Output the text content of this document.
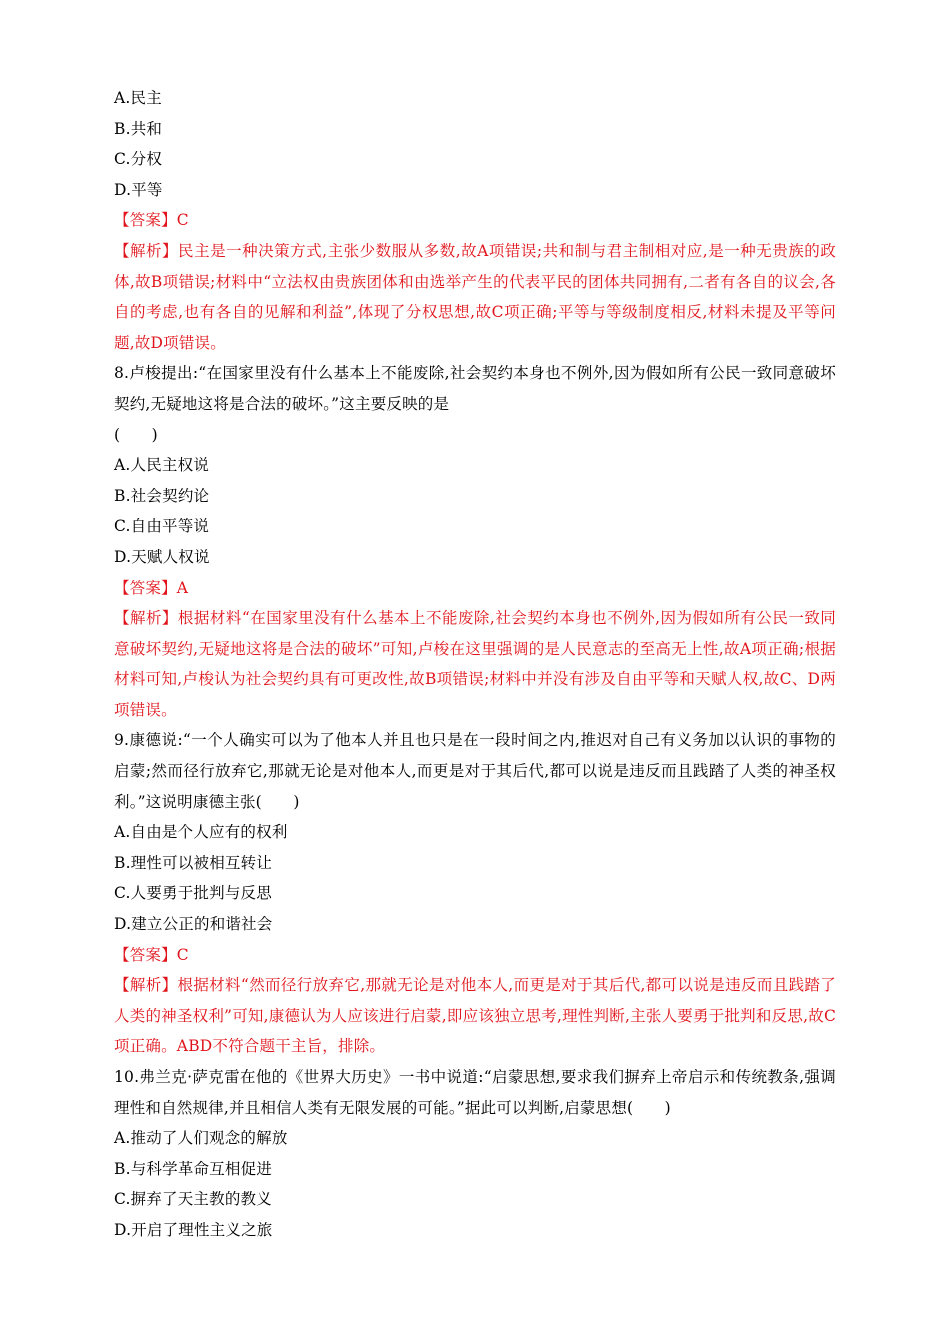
A.民主
B.共和
C.分权
D.平等
【答案】C
【解析】民主是一种决策方式,主张少数服从多数,故A项错误;共和制与君主制相对应,是一种无贵族的政体,故B项错误;材料中“立法权由贵族团体和由选举产生的代表平民的团体共同拥有,二者有各自的议会,各自的考虑,也有各自的见解和利益”,体现了分权思想,故C项正确;平等与等级制度相反,材料未提及平等问题,故D项错误。
8.卢梭提出:“在国家里没有什么基本上不能废除,社会契约本身也不例外,因为假如所有公民一致同意破坏契约,无疑地这将是合法的破坏。”这主要反映的是
(　　)
A.人民主权说
B.社会契约论
C.自由平等说
D.天赋人权说
【答案】A
【解析】根据材料“在国家里没有什么基本上不能废除,社会契约本身也不例外,因为假如所有公民一致同意破坏契约,无疑地这将是合法的破坏”可知,卢梭在这里强调的是人民意志的至高无上性,故A项正确;根据材料可知,卢梭认为社会契约具有可更改性,故B项错误;材料中并没有涉及自由平等和天赋人权,故C、D两项错误。
9.康德说:“一个人确实可以为了他本人并且也只是在一段时间之内,推迟对自己有义务加以认识的事物的启蒙;然而径行放弃它,那就无论是对他本人,而更是对于其后代,都可以说是违反而且践踏了人类的神圣权利。”这说明康德主张(　　)
A.自由是个人应有的权利
B.理性可以被相互转让
C.人要勇于批判与反思
D.建立公正的和谐社会
【答案】C
【解析】根据材料“然而径行放弃它,那就无论是对他本人,而更是对于其后代,都可以说是违反而且践踏了人类的神圣权利”可知,康德认为人应该进行启蒙,即应该独立思考,理性判断,主张人要勇于批判和反思,故C项正确。ABD不符合题干主旨，排除。
10.弗兰克·萨克雷在他的《世界大历史》一书中说道:“启蒙思想,要求我们摒弃上帝启示和传统教条,强调理性和自然规律,并且相信人类有无限发展的可能。”据此可以判断,启蒙思想(　　)
A.推动了人们观念的解放
B.与科学革命互相促进
C.摒弃了天主教的教义
D.开启了理性主义之旅
